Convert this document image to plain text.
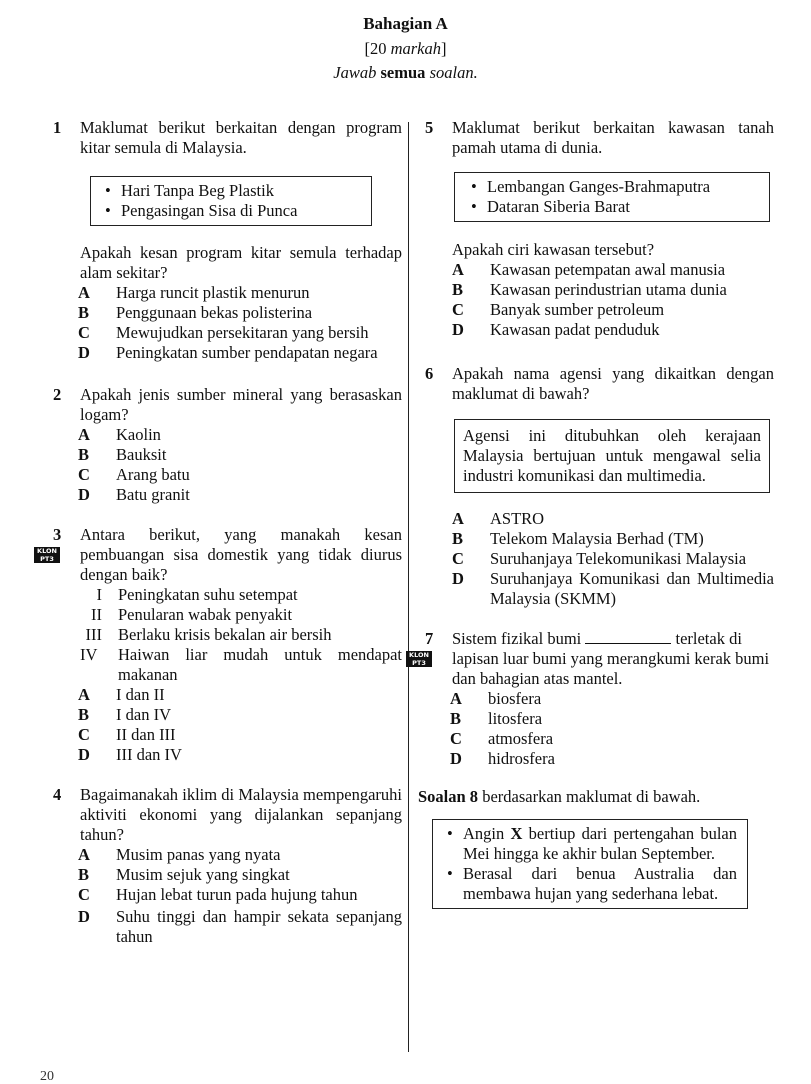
Bahagian A
[20 markah]
Jawab semua soalan.
1 Maklumat berikut berkaitan dengan program kitar semula di Malaysia.
• Hari Tanpa Beg Plastik
• Pengasingan Sisa di Punca
Apakah kesan program kitar semula terhadap alam sekitar?
A Harga runcit plastik menurun
B Penggunaan bekas polisterina
C Mewujudkan persekitaran yang bersih
D Peningkatan sumber pendapatan negara
2 Apakah jenis sumber mineral yang berasaskan logam?
A Kaolin
B Bauksit
C Arang batu
D Batu granit
3
KLON PT3
Antara berikut, yang manakah kesan pembuangan sisa domestik yang tidak diurus dengan baik?
I Peningkatan suhu setempat
II Penularan wabak penyakit
III Berlaku krisis bekalan air bersih
IV Haiwan liar mudah untuk mendapat makanan
A I dan II
B I dan IV
C II dan III
D III dan IV
4 Bagaimanakah iklim di Malaysia mempengaruhi aktiviti ekonomi yang dijalankan sepanjang tahun?
A Musim panas yang nyata
B Musim sejuk yang singkat
C Hujan lebat turun pada hujung tahun
D Suhu tinggi dan hampir sekata sepanjang tahun
5 Maklumat berikut berkaitan kawasan tanah pamah utama di dunia.
• Lembangan Ganges-Brahmaputra
• Dataran Siberia Barat
Apakah ciri kawasan tersebut?
A Kawasan petempatan awal manusia
B Kawasan perindustrian utama dunia
C Banyak sumber petroleum
D Kawasan padat penduduk
6 Apakah nama agensi yang dikaitkan dengan maklumat di bawah?
Agensi ini ditubuhkan oleh kerajaan Malaysia bertujuan untuk mengawal selia industri komunikasi dan multimedia.
A ASTRO
B Telekom Malaysia Berhad (TM)
C Suruhanjaya Telekomunikasi Malaysia
D Suruhanjaya Komunikasi dan Multimedia Malaysia (SKMM)
7
KLON PT3
Sistem fizikal bumi	terletak di lapisan luar bumi yang merangkumi kerak bumi dan bahagian atas mantel.
A biosfera
B litosfera
C atmosfera
D hidrosfera
Soalan 8 berdasarkan maklumat di bawah.
• Angin X bertiup dari pertengahan bulan Mei hingga ke akhir bulan September.
• Berasal dari benua Australia dan membawa hujan yang sederhana lebat.
20
